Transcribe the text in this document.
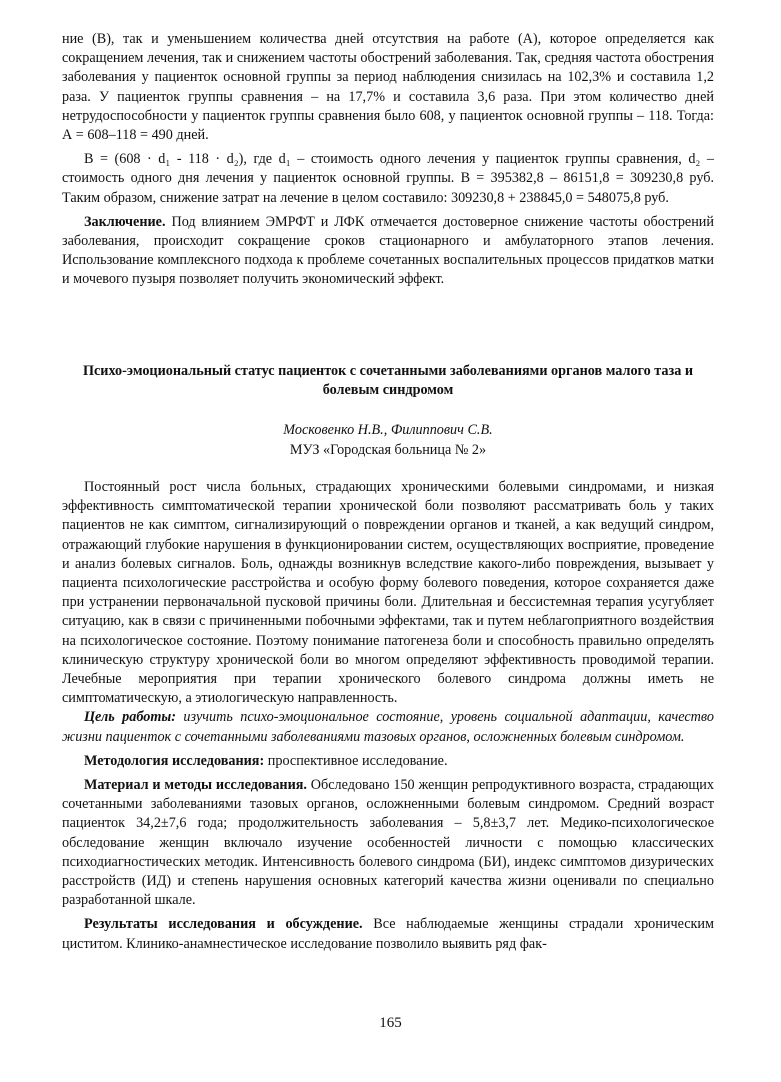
ние (В), так и уменьшением количества дней отсутствия на работе (А), которое определяется как сокращением лечения, так и снижением частоты обострений заболевания. Так, средняя частота обострения заболевания у пациенток основной группы за период наблюдения снизилась на 102,3% и составила 1,2 раза. У пациенток группы сравнения – на 17,7% и составила 3,6 раза. При этом количество дней нетрудоспособности у пациенток группы сравнения было 608, у пациенток основной группы – 118. Тогда: А = 608–118 = 490 дней.

В = (608 · d₁ - 118 · d₂), где d₁ – стоимость одного лечения у пациенток группы сравнения, d₂ – стоимость одного дня лечения у пациенток основной группы. В = 395382,8 – 86151,8 = 309230,8 руб. Таким образом, снижение затрат на лечение в целом составило: 309230,8 + 238845,0 = 548075,8 руб.

Заключение. Под влиянием ЭМРФТ и ЛФК отмечается достоверное снижение частоты обострений заболевания, происходит сокращение сроков стационарного и амбулаторного этапов лечения. Использование комплексного подхода к проблеме сочетанных воспалительных процессов придатков матки и мочевого пузыря позволяет получить экономический эффект.

Психо-эмоциональный статус пациенток с сочетанными заболеваниями органов малого таза и болевым синдромом
Московенко Н.В., Филиппович С.В.
МУЗ «Городская больница № 2»

Постоянный рост числа больных, страдающих хроническими болевыми синдромами, и низкая эффективность симптоматической терапии хронической боли позволяют рассматривать боль у таких пациентов не как симптом, сигнализирующий о повреждении органов и тканей, а как ведущий синдром, отражающий глубокие нарушения в функционировании систем, осуществляющих восприятие, проведение и анализ болевых сигналов. Боль, однажды возникнув вследствие какого-либо повреждения, вызывает у пациента психологические расстройства и особую форму болевого поведения, которое сохраняется даже при устранении первоначальной пусковой причины боли. Длительная и бессистемная терапия усугубляет ситуацию, как в связи с причиненными побочными эффектами, так и путем неблагоприятного воздействия на психологическое состояние. Поэтому понимание патогенеза боли и способность правильно определять клиническую структуру хронической боли во многом определяют эффективность проводимой терапии. Лечебные мероприятия при терапии хронического болевого синдрома должны иметь не симптоматическую, а этиологическую направленность.

Цель работы: изучить психо-эмоциональное состояние, уровень социальной адаптации, качество жизни пациенток с сочетанными заболеваниями тазовых органов, осложненных болевым синдромом.

Методология исследования: проспективное исследование.

Материал и методы исследования. Обследовано 150 женщин репродуктивного возраста, страдающих сочетанными заболеваниями тазовых органов, осложненными болевым синдромом. Средний возраст пациенток 34,2±7,6 года; продолжительность заболевания – 5,8±3,7 лет. Медико-психологическое обследование женщин включало изучение особенностей личности с помощью классических психодиагностических методик. Интенсивность болевого синдрома (БИ), индекс симптомов дизурических расстройств (ИД) и степень нарушения основных категорий качества жизни оценивали по специально разработанной шкале.

Результаты исследования и обсуждение. Все наблюдаемые женщины страдали хроническим циститом. Клинико-анамнестическое исследование позволило выявить ряд фак-

165
